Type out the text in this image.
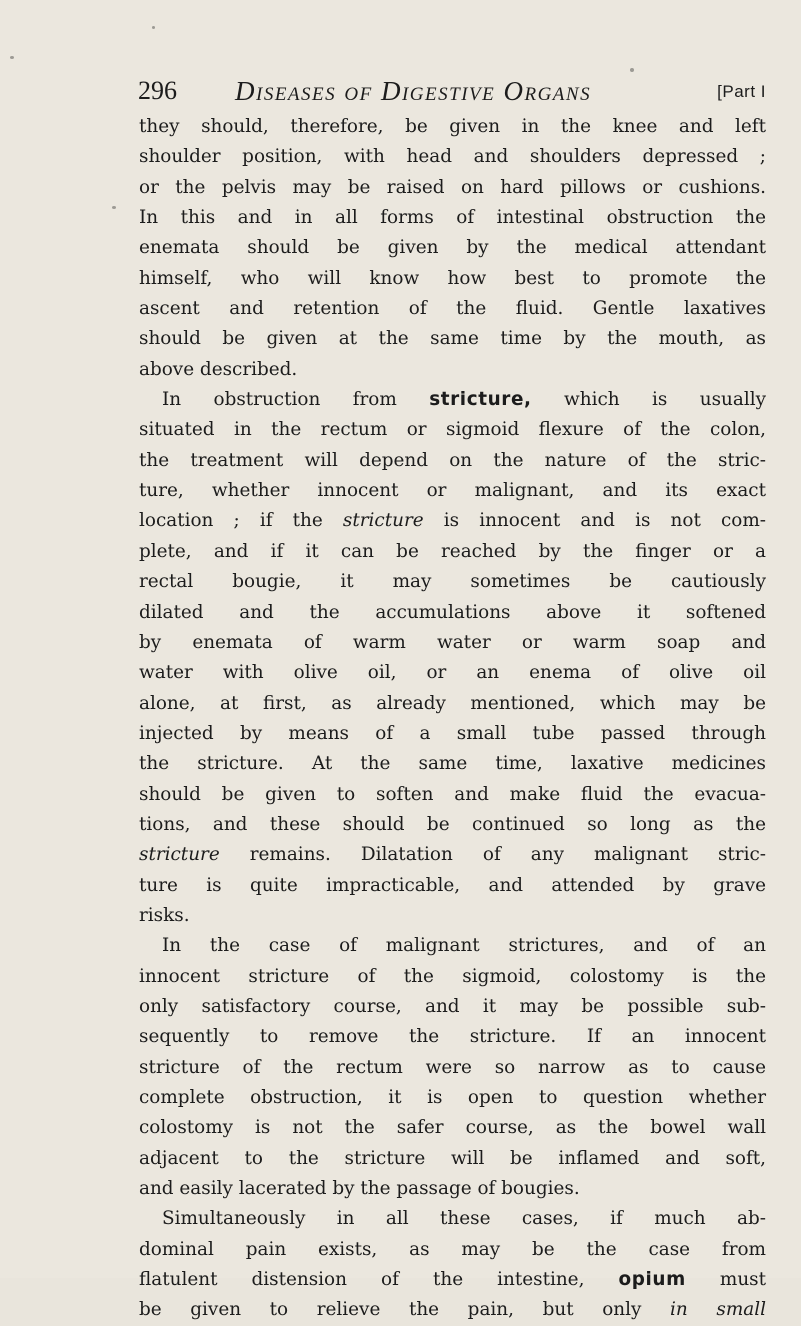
296 Diseases of Digestive Organs	[Part I
they should, therefore, be given in the knee and left
shoulder position, with head and shoulders depressed ;
or the pelvis may be raised on hard pillows or cushions.
In this and in all forms of intestinal obstruction the
enemata should be given by the medical attendant
himself, who will know how best to promote the
ascent and retention of the fluid. Gentle laxatives
should be given at the same time by the mouth, as
above described.
In obstruction from stricture, which is usually
situated in the rectum or sigmoid flexure of the colon,
the treatment will depend on the nature of the stric-
ture, whether innocent or malignant, and its exact
location ; if the stricture is innocent and is not com-
plete, and if it can be reached by the finger or a
rectal bougie, it may sometimes be cautiously
dilated and the accumulations above it softened
by enemata of warm water or warm soap and
water with olive oil, or an enema of olive oil
alone, at first, as already mentioned, which may be
injected by means of a small tube passed through
the stricture. At the same time, laxative medicines
should be given to soften and make fluid the evacua-
tions, and these should be continued so long as the
stricture remains. Dilatation of any malignant stric-
ture is quite impracticable, and attended by grave
risks.
In the case of malignant strictures, and of an
innocent stricture of the sigmoid, colostomy is the
only satisfactory course, and it may be possible sub-
sequently to remove the stricture. If an innocent
stricture of the rectum were so narrow as to cause
complete obstruction, it is open to question whether
colostomy is not the safer course, as the bowel wall
adjacent to the stricture will be inflamed and soft,
and easily lacerated by the passage of bougies.
Simultaneously in all these cases, if much ab-
dominal pain exists, as may be the case from
flatulent distension of the intestine, opium must
be given to relieve the pain, but only in small
